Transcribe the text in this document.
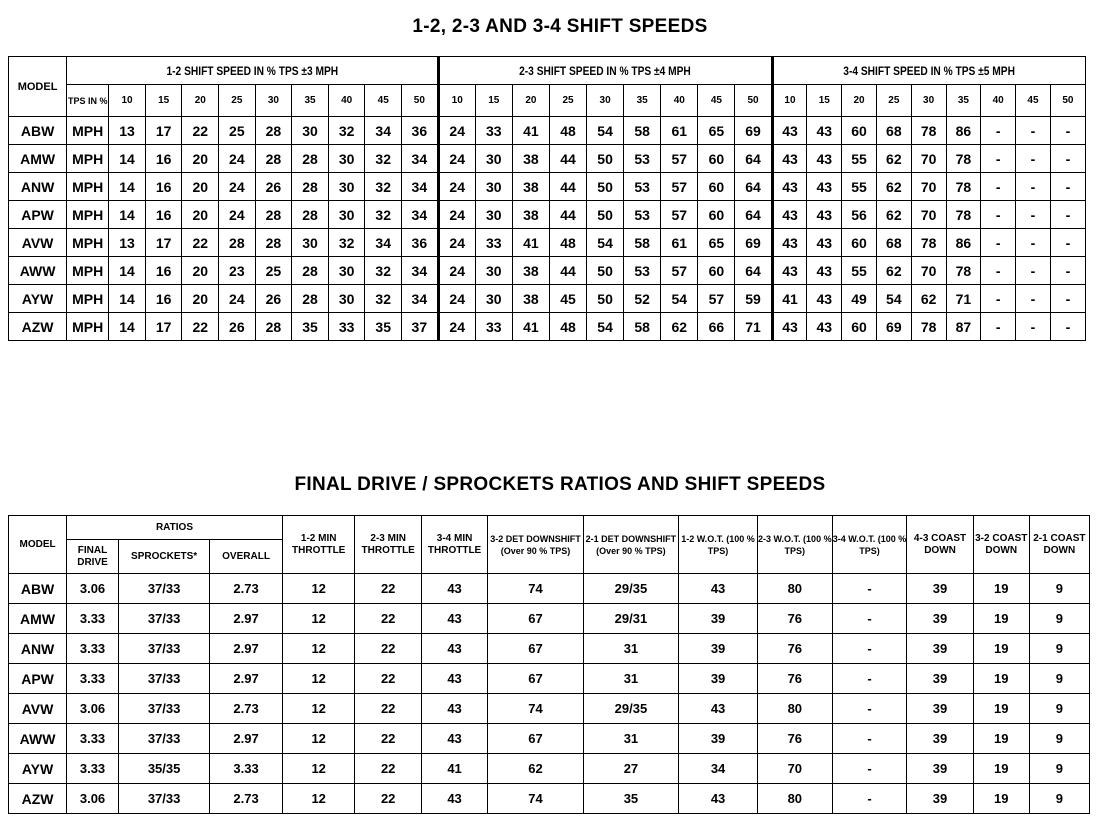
1-2, 2-3 AND 3-4 SHIFT SPEEDS
MODEL	1-2 SHIFT SPEED IN % TPS ±3 MPH										2-3 SHIFT SPEED IN % TPS ±4 MPH									3-4 SHIFT SPEED IN % TPS ±5 MPH								
	TPS IN %	10	15	20	25	30	35	40	45	50	10	15	20	25	30	35	40	45	50	10	15	20	25	30	35	40	45	50
ABW	MPH	13	17	22	25	28	30	32	34	36	24	33	41	48	54	58	61	65	69	43	43	60	68	78	86	-	-	-
AMW	MPH	14	16	20	24	28	28	30	32	34	24	30	38	44	50	53	57	60	64	43	43	55	62	70	78	-	-	-
ANW	MPH	14	16	20	24	26	28	30	32	34	24	30	38	44	50	53	57	60	64	43	43	55	62	70	78	-	-	-
APW	MPH	14	16	20	24	28	28	30	32	34	24	30	38	44	50	53	57	60	64	43	43	56	62	70	78	-	-	-
AVW	MPH	13	17	22	28	28	30	32	34	36	24	33	41	48	54	58	61	65	69	43	43	60	68	78	86	-	-	-
AWW	MPH	14	16	20	23	25	28	30	32	34	24	30	38	44	50	53	57	60	64	43	43	55	62	70	78	-	-	-
AYW	MPH	14	16	20	24	26	28	30	32	34	24	30	38	45	50	52	54	57	59	41	43	49	54	62	71	-	-	-
AZW	MPH	14	17	22	26	28	35	33	35	37	24	33	41	48	54	58	62	66	71	43	43	60	69	78	87	-	-	-
FINAL DRIVE / SPROCKETS RATIOS AND SHIFT SPEEDS
MODEL	RATIOS			1-2 MIN THROTTLE	2-3 MIN THROTTLE	3-4 MIN THROTTLE	3-2 DET DOWNSHIFT (Over 90 % TPS)	2-1 DET DOWNSHIFT (Over 90 % TPS)	1-2 W.O.T. (100 % TPS)	2-3 W.O.T. (100 % TPS)	3-4 W.O.T. (100 % TPS)	4-3 COAST DOWN	3-2 COAST DOWN	2-1 COAST DOWN
	FINAL DRIVE	SPROCKETS*	OVERALL											
ABW	3.06	37/33	2.73	12	22	43	74	29/35	43	80	-	39	19	9
AMW	3.33	37/33	2.97	12	22	43	67	29/31	39	76	-	39	19	9
ANW	3.33	37/33	2.97	12	22	43	67	31	39	76	-	39	19	9
APW	3.33	37/33	2.97	12	22	43	67	31	39	76	-	39	19	9
AVW	3.06	37/33	2.73	12	22	43	74	29/35	43	80	-	39	19	9
AWW	3.33	37/33	2.97	12	22	43	67	31	39	76	-	39	19	9
AYW	3.33	35/35	3.33	12	22	41	62	27	34	70	-	39	19	9
AZW	3.06	37/33	2.73	12	22	43	74	35	43	80	-	39	19	9
